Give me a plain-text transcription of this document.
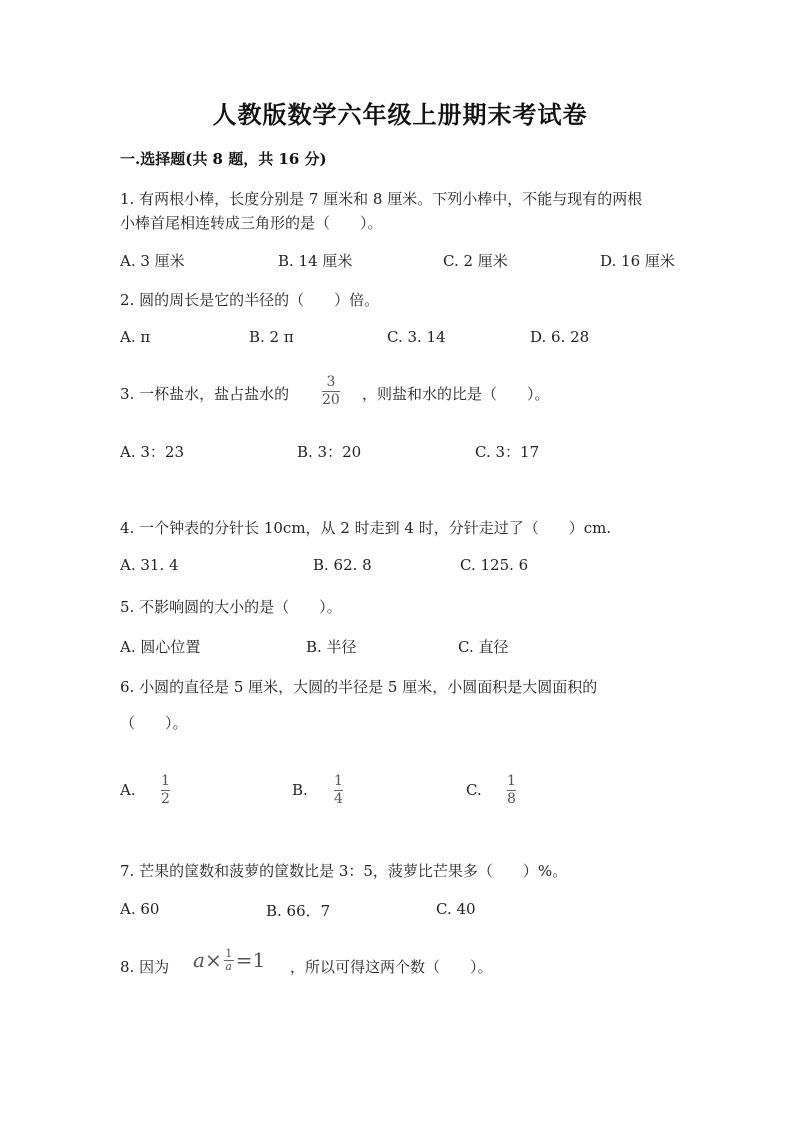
人教版数学六年级上册期末考试卷
一.选择题(共 8 题，共 16 分)
1. 有两根小棒，长度分别是 7 厘米和 8 厘米。下列小棒中，不能与现有的两根
小棒首尾相连转成三角形的是（　　）。
A. 3 厘米	B. 14 厘米	C. 2 厘米	D. 16 厘米
2. 圆的周长是它的半径的（　　）倍。
A. π	B. 2 π	C. 3. 14	D. 6. 28
3. 一杯盐水，盐占盐水的
3
20 ，则盐和水的比是（　　）。
A. 3：23	B. 3：20	C. 3：17
4. 一个钟表的分针长 10cm，从 2 时走到 4 时，分针走过了（　　）cm.
A. 31. 4	B. 62. 8	C. 125. 6
5. 不影响圆的大小的是（　　）。
A. 圆心位置	B. 半径	C. 直径
6. 小圆的直径是 5 厘米，大圆的半径是 5 厘米，小圆面积是大圆面积的
（　　）。
A. 1
2
B. 1
4
C. 1
8
7. 芒果的筐数和菠萝的筐数比是 3：5，菠萝比芒果多（　　）%。
A. 60	B. 66．7	C. 40
8. 因为 $a \times \frac{1}{a} =1$ ，所以可得这两个数（　　）。
